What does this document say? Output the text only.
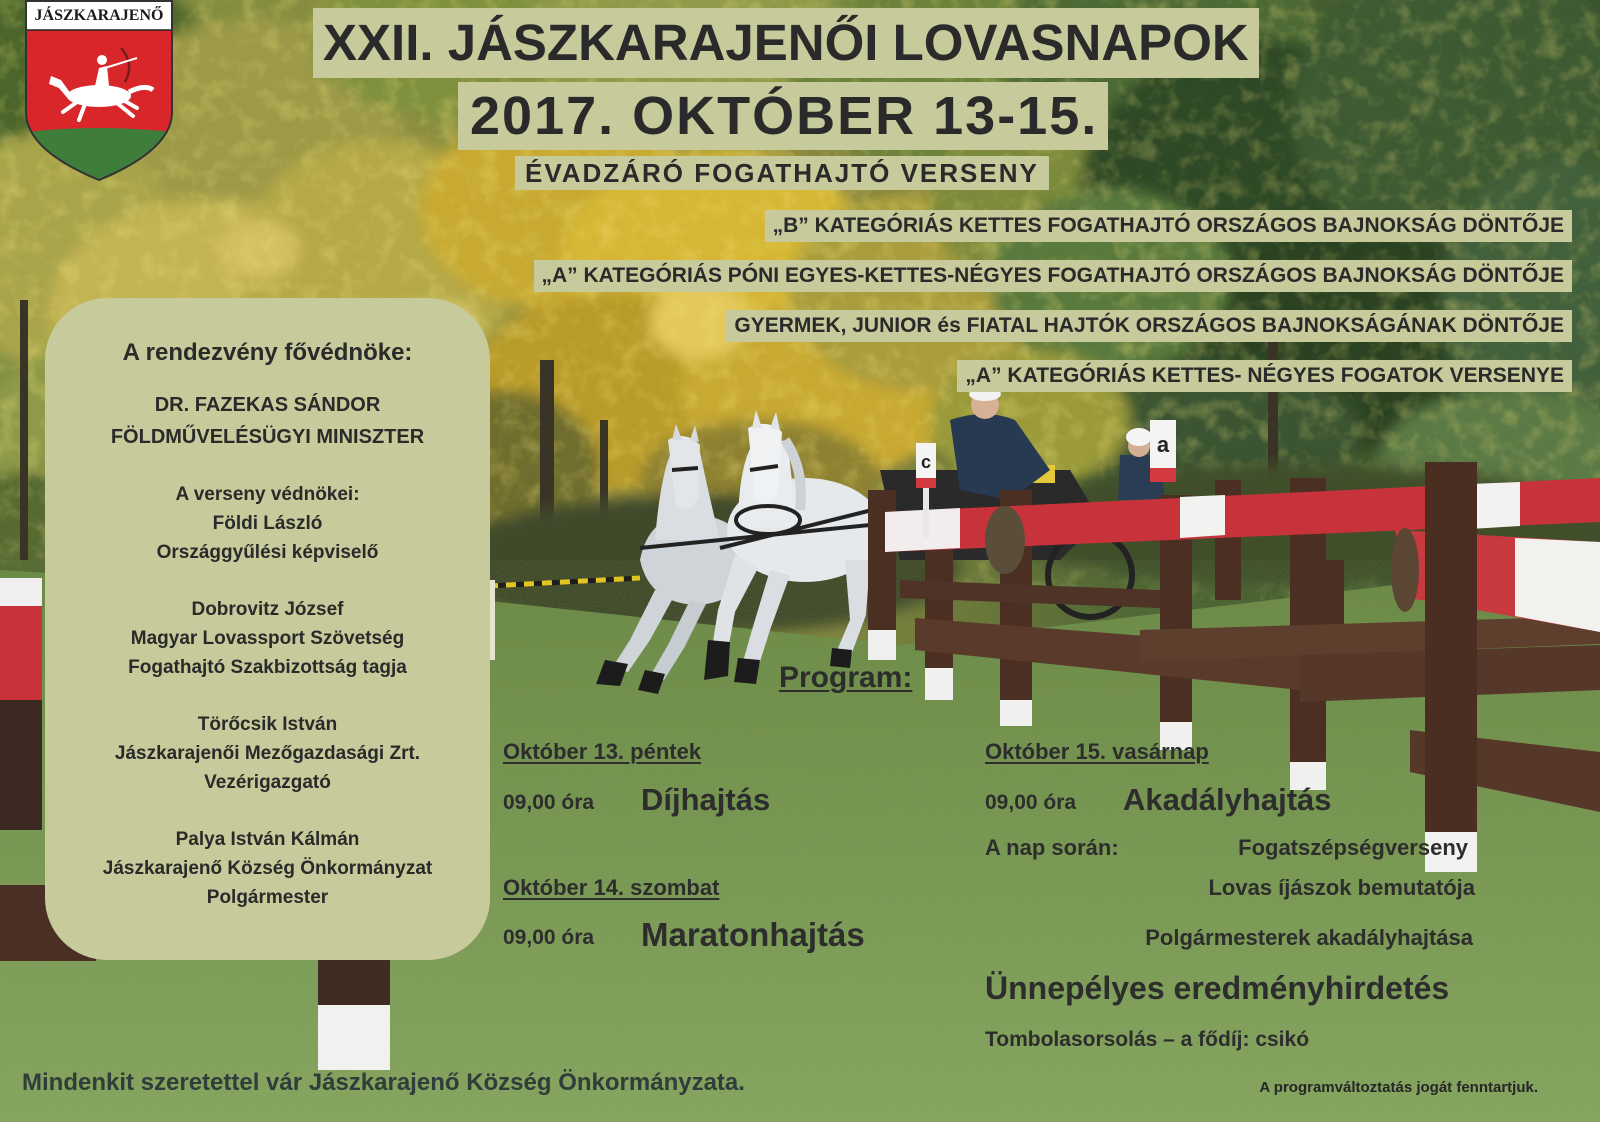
c
a
JÁSZKARAJENŐ	XXII. JÁSZKARAJENŐI LOVASNAPOK
2017. OKTÓBER 13-15.
ÉVADZÁRÓ FOGATHAJTÓ VERSENY
„B” KATEGÓRIÁS KETTES FOGATHAJTÓ ORSZÁGOS BAJNOKSÁG DÖNTŐJE
„A” KATEGÓRIÁS PÓNI EGYES-KETTES-NÉGYES FOGATHAJTÓ ORSZÁGOS BAJNOKSÁG DÖNTŐJE
GYERMEK, JUNIOR és FIATAL HAJTÓK ORSZÁGOS BAJNOKSÁGÁNAK DÖNTŐJE
„A” KATEGÓRIÁS KETTES- NÉGYES FOGATOK VERSENYE
A rendezvény fővédnöke:
DR. FAZEKAS SÁNDOR
FÖLDMŰVELÉSÜGYI MINISZTER
A verseny védnökei:
Földi László
Országgyűlési képviselő
Dobrovitz József
Magyar Lovassport Szövetség
Fogathajtó Szakbizottság tagja
Törőcsik István
Jászkarajenői Mezőgazdasági Zrt.
Vezérigazgató
Palya István Kálmán
Jászkarajenő Község Önkormányzat
Polgármester
Program:
Október 13. péntek
09,00 óra Díjhajtás
Október 14. szombat
09,00 óra Maratonhajtás
Október 15. vasárnap
09,00 óra Akadályhajtás
A nap során:	Fogatszépségverseny
Lovas íjászok bemutatója
Polgármesterek akadályhajtása
Ünnepélyes eredményhirdetés
Tombolasorsolás – a fődíj: csikó
Mindenkit szeretettel vár Jászkarajenő Község Önkormányzata.	A programváltoztatás jogát fenntartjuk.
